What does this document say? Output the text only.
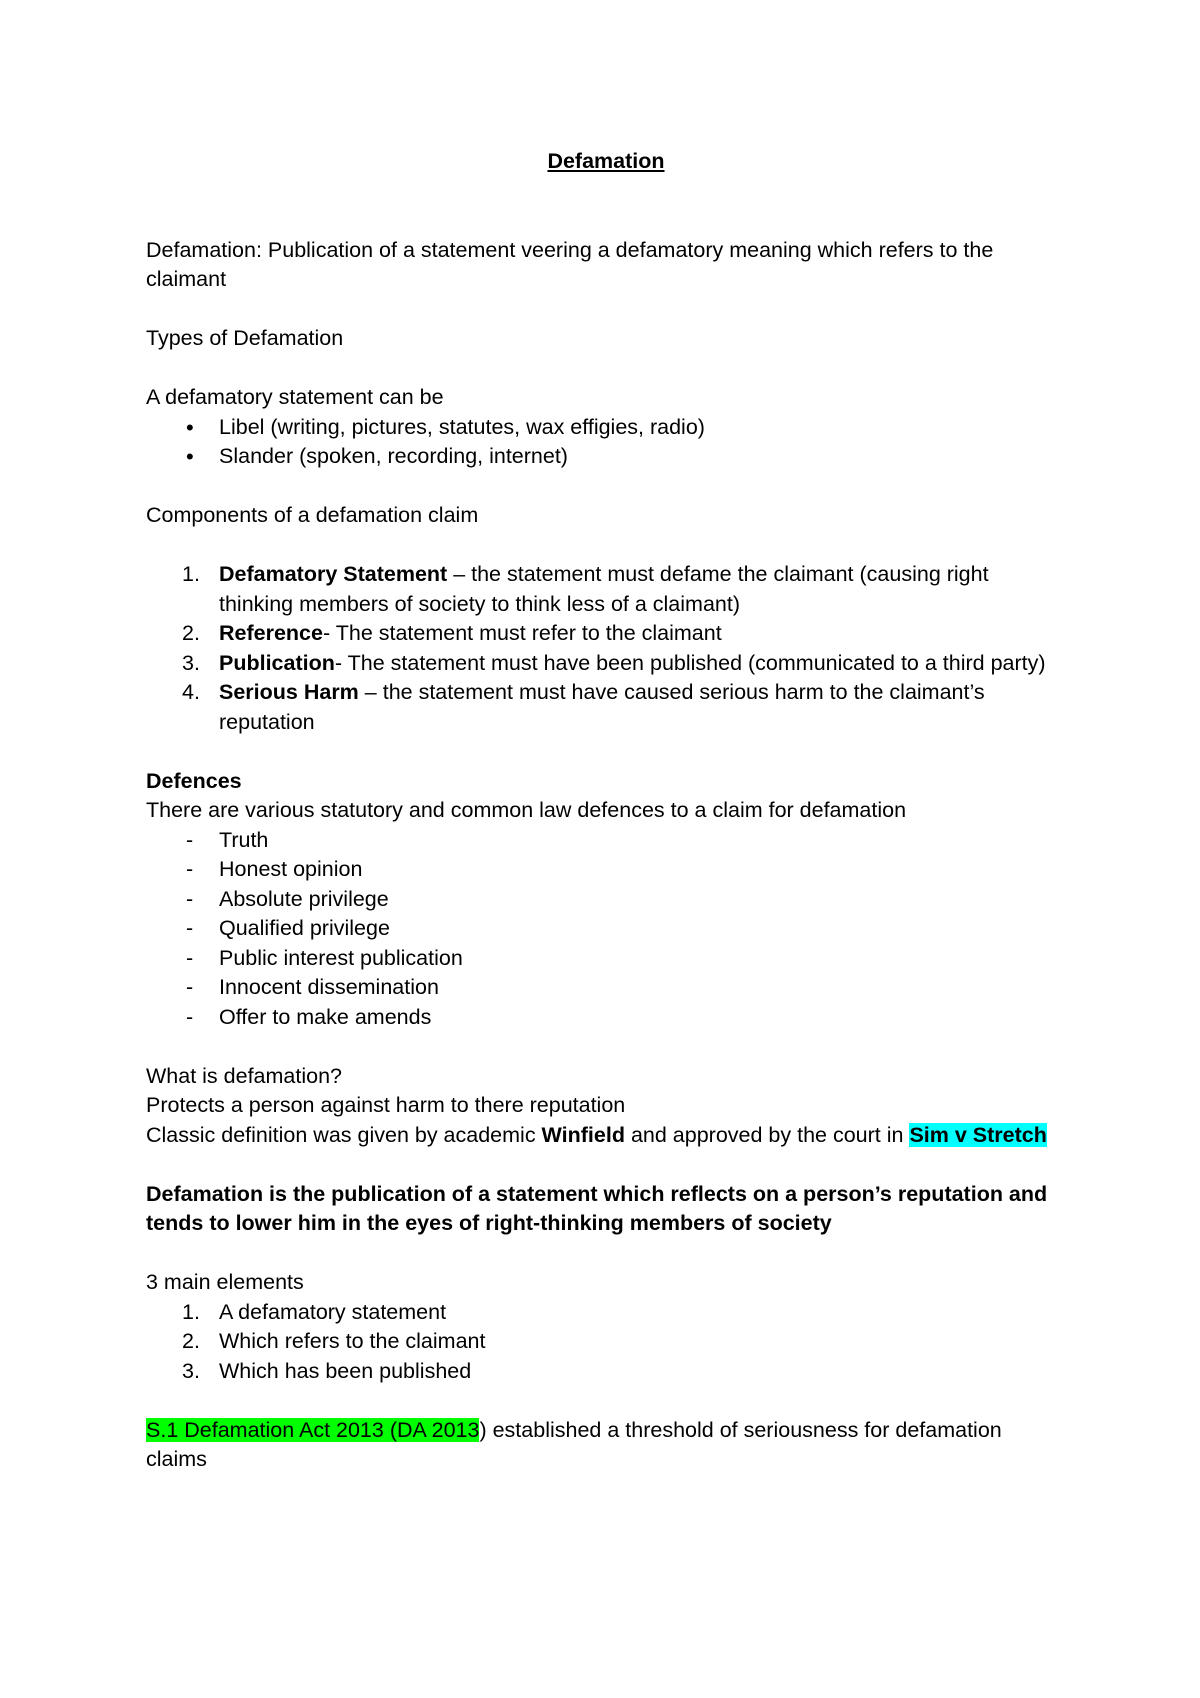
Defamation

Defamation: Publication of a statement veering a defamatory meaning which refers to the claimant

Types of Defamation

A defamatory statement can be

• Libel (writing, pictures, statutes, wax effigies, radio)
• Slander (spoken, recording, internet)

Components of a defamation claim

1. Defamatory Statement – the statement must defame the claimant (causing right thinking members of society to think less of a claimant)
2. Reference- The statement must refer to the claimant
3. Publication- The statement must have been published (communicated to a third party)
4. Serious Harm – the statement must have caused serious harm to the claimant’s reputation

Defences

There are various statutory and common law defences to a claim for defamation

- Truth
- Honest opinion
- Absolute privilege
- Qualified privilege
- Public interest publication
- Innocent dissemination
- Offer to make amends

What is defamation?

Protects a person against harm to there reputation

Classic definition was given by academic Winfield and approved by the court in Sim v Stretch

Defamation is the publication of a statement which reflects on a person’s reputation and tends to lower him in the eyes of right-thinking members of society

3 main elements

1. A defamatory statement
2. Which refers to the claimant
3. Which has been published

S.1 Defamation Act 2013 (DA 2013) established a threshold of seriousness for defamation claims
